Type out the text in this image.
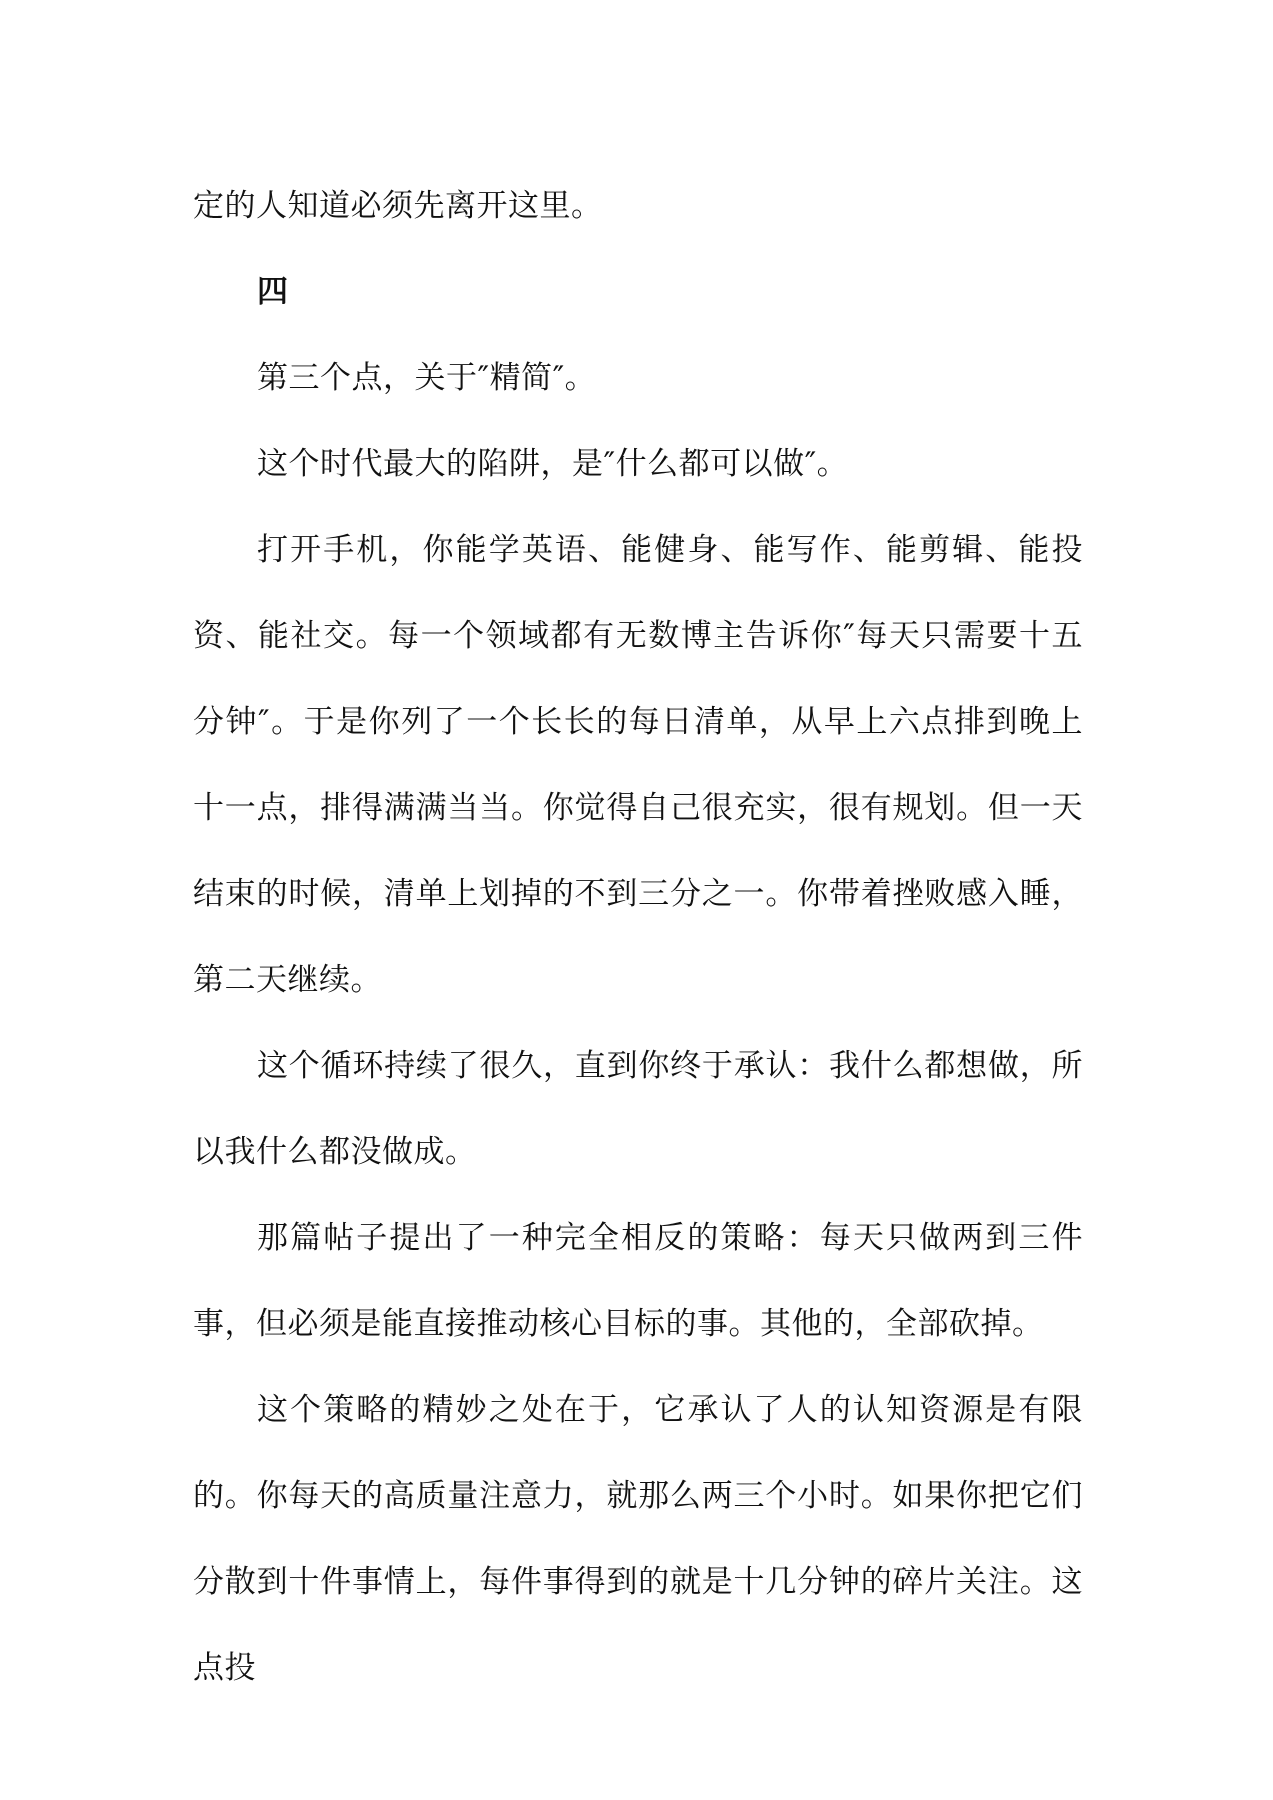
定的人知道必须先离开这里。

四

第三个点，关于″精简″。

这个时代最大的陷阱，是″什么都可以做″。

打开手机，你能学英语、能健身、能写作、能剪辑、能投资、能社交。每一个领域都有无数博主告诉你″每天只需要十五分钟″。于是你列了一个长长的每日清单，从早上六点排到晚上十一点，排得满满当当。你觉得自己很充实，很有规划。但一天结束的时候，清单上划掉的不到三分之一。你带着挫败感入睡，第二天继续。

这个循环持续了很久，直到你终于承认：我什么都想做，所以我什么都没做成。

那篇帖子提出了一种完全相反的策略：每天只做两到三件事，但必须是能直接推动核心目标的事。其他的，全部砍掉。

这个策略的精妙之处在于，它承认了人的认知资源是有限的。你每天的高质量注意力，就那么两三个小时。如果你把它们分散到十件事情上，每件事得到的就是十几分钟的碎片关注。这点投
